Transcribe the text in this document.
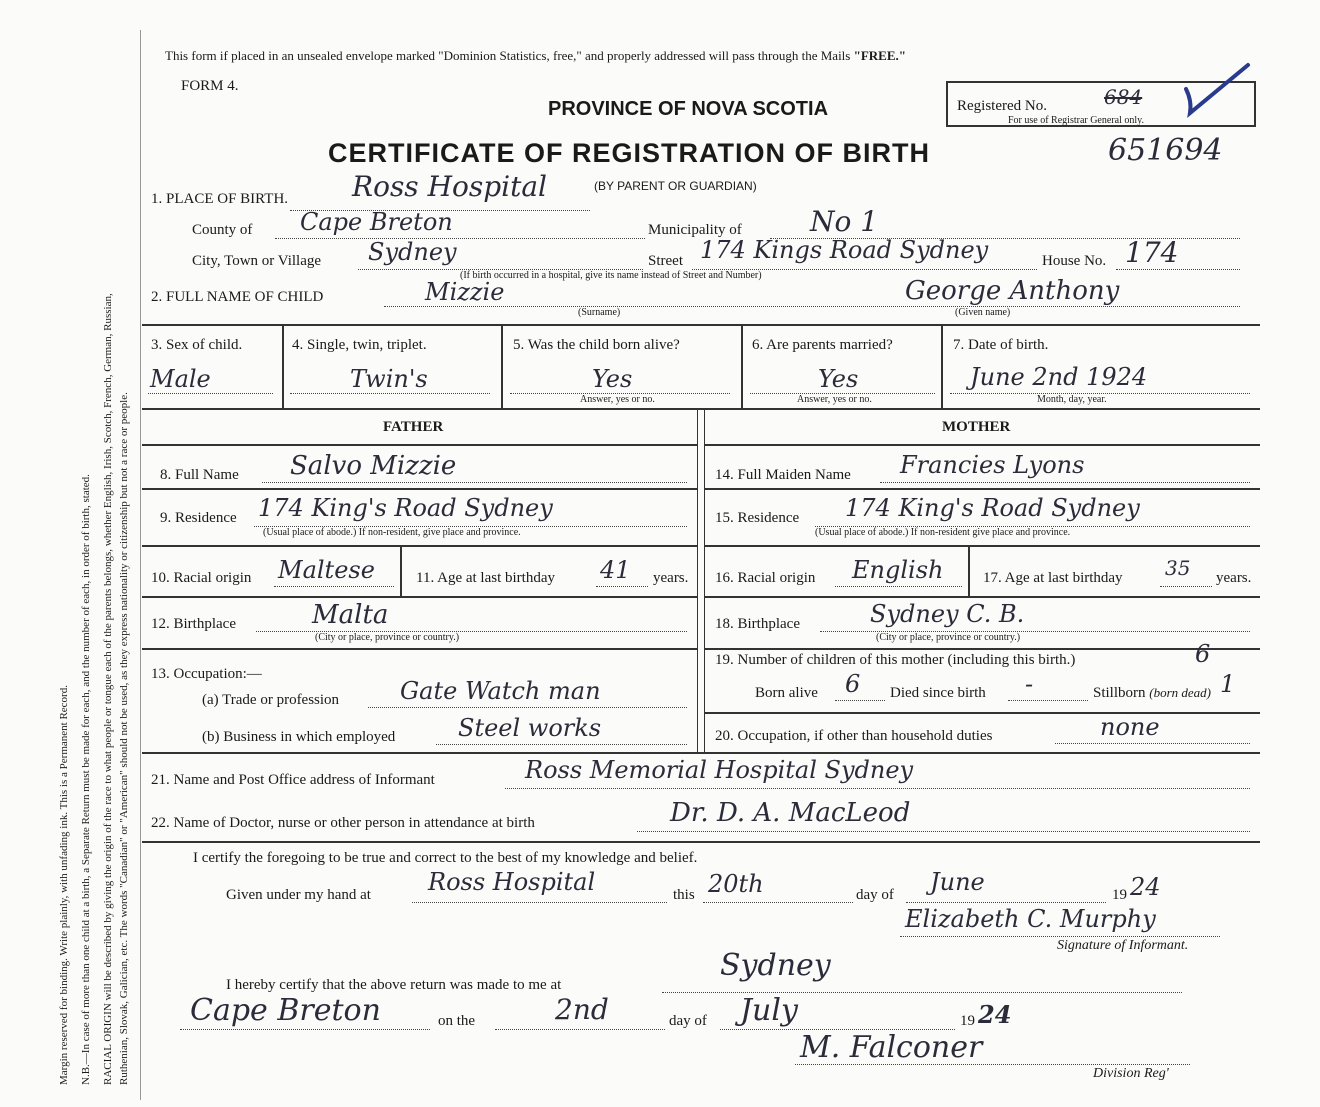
Margin reserved for binding. Write plainly, with unfading ink. This is a Permanent Record. N.B.—In case of more than one child at a birth, a Separate Return must be made for each, and the number of each, in order of birth, stated. RACIAL ORIGIN will be described by giving the origin of the race to what people or tongue each of the parents belongs, whether English, Irish, Scotch, French, German, Russian, Ruthenian, Slovak, Galician, etc. The words "Canadian" or "American" should not be used, as they express nationality or citizenship but not a race or people.
This form if placed in an unsealed envelope marked "Dominion Statistics, free," and properly addressed will pass through the Mails "FREE."
FORM 4.
PROVINCE OF NOVA SCOTIA
CERTIFICATE OF REGISTRATION OF BIRTH
(BY PARENT OR GUARDIAN)
Registered No.	684
For use of Registrar General only.
651694
1. PLACE OF BIRTH. Ross Hospital
County of Cape Breton	Municipality of No 1
City, Town or Village Sydney	Street 174 Kings Road Sydney	House No. 174
(If birth occurred in a hospital, give its name instead of Street and Number)
2. FULL NAME OF CHILD	Mizzie
(Surname)
George Anthony
(Given name)
3. Sex of child.
Male
4. Single, twin, triplet.
Twin's
5. Was the child born alive?
Yes
Answer, yes or no.
6. Are parents married?
Yes
Answer, yes or no.
7. Date of birth.
June 2nd 1924
Month, day, year.
FATHER	MOTHER
8. Full Name Salvo Mizzie
9. Residence 174 King's Road Sydney
(Usual place of abode.) If non-resident, give place and province.
10. Racial origin Maltese	11. Age at last birthday 41 years.
12. Birthplace	Malta
(City or place, province or country.)
13. Occupation:—
(a) Trade or profession	Gate Watch man
(b) Business in which employed	Steel works
14. Full Maiden Name Francies Lyons
15. Residence 174 King's Road Sydney
(Usual place of abode.) If non-resident give place and province.
16. Racial origin English	17. Age at last birthday 35 years.
18. Birthplace	Sydney C. B.
(City or place, province or country.)
19. Number of children of this mother (including this birth.)	6
Born alive 6 Died since birth -	Stillborn (born dead) 1
20. Occupation, if other than household duties	none
21. Name and Post Office address of Informant	Ross Memorial Hospital Sydney
22. Name of Doctor, nurse or other person in attendance at birth	Dr. D. A. MacLeod
I certify the foregoing to be true and correct to the best of my knowledge and belief.
Given under my hand at Ross Hospital	this 20th	day of June	19 24
Elizabeth C. Murphy
Signature of Informant.
I hereby certify that the above return was made to me at
Sydney
Cape Breton	on the	2nd	day of July	19 24
M. Falconer
Division Reg'
